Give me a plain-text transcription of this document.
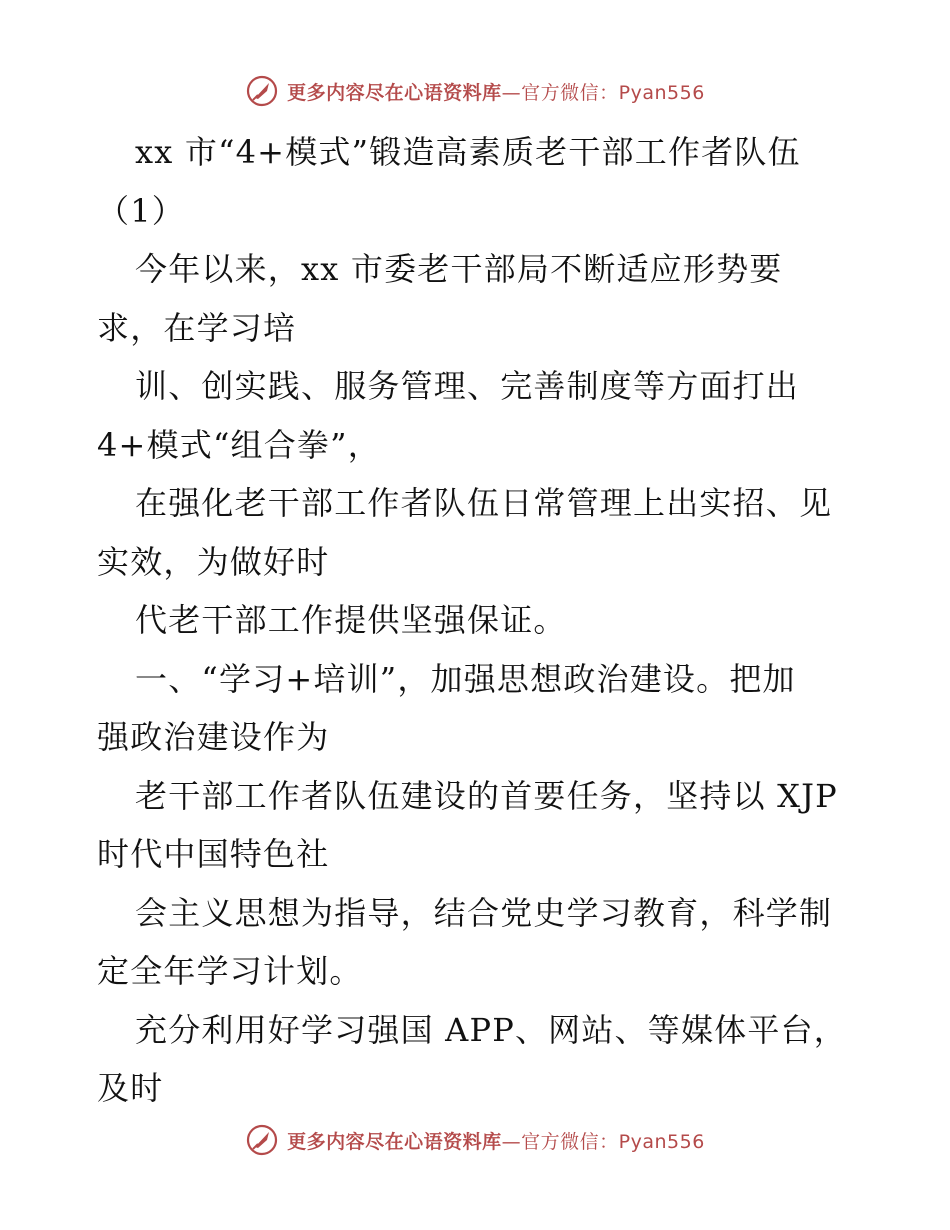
更多内容尽在心语资料库—官方微信：Pyan556
xx 市“4+模式”锻造高素质老干部工作者队伍
（1）
今年以来，xx 市委老干部局不断适应形势要
求，在学习培
训、创实践、服务管理、完善制度等方面打出
4+模式“组合拳”，
在强化老干部工作者队伍日常管理上出实招、见
实效，为做好时
代老干部工作提供坚强保证。
一、“学习+培训”，加强思想政治建设。把加
强政治建设作为
老干部工作者队伍建设的首要任务，坚持以 XJP
时代中国特色社
会主义思想为指导，结合党史学习教育，科学制
定全年学习计划。
充分利用好学习强国 APP、网站、等媒体平台，
及时
更多内容尽在心语资料库—官方微信：Pyan556
